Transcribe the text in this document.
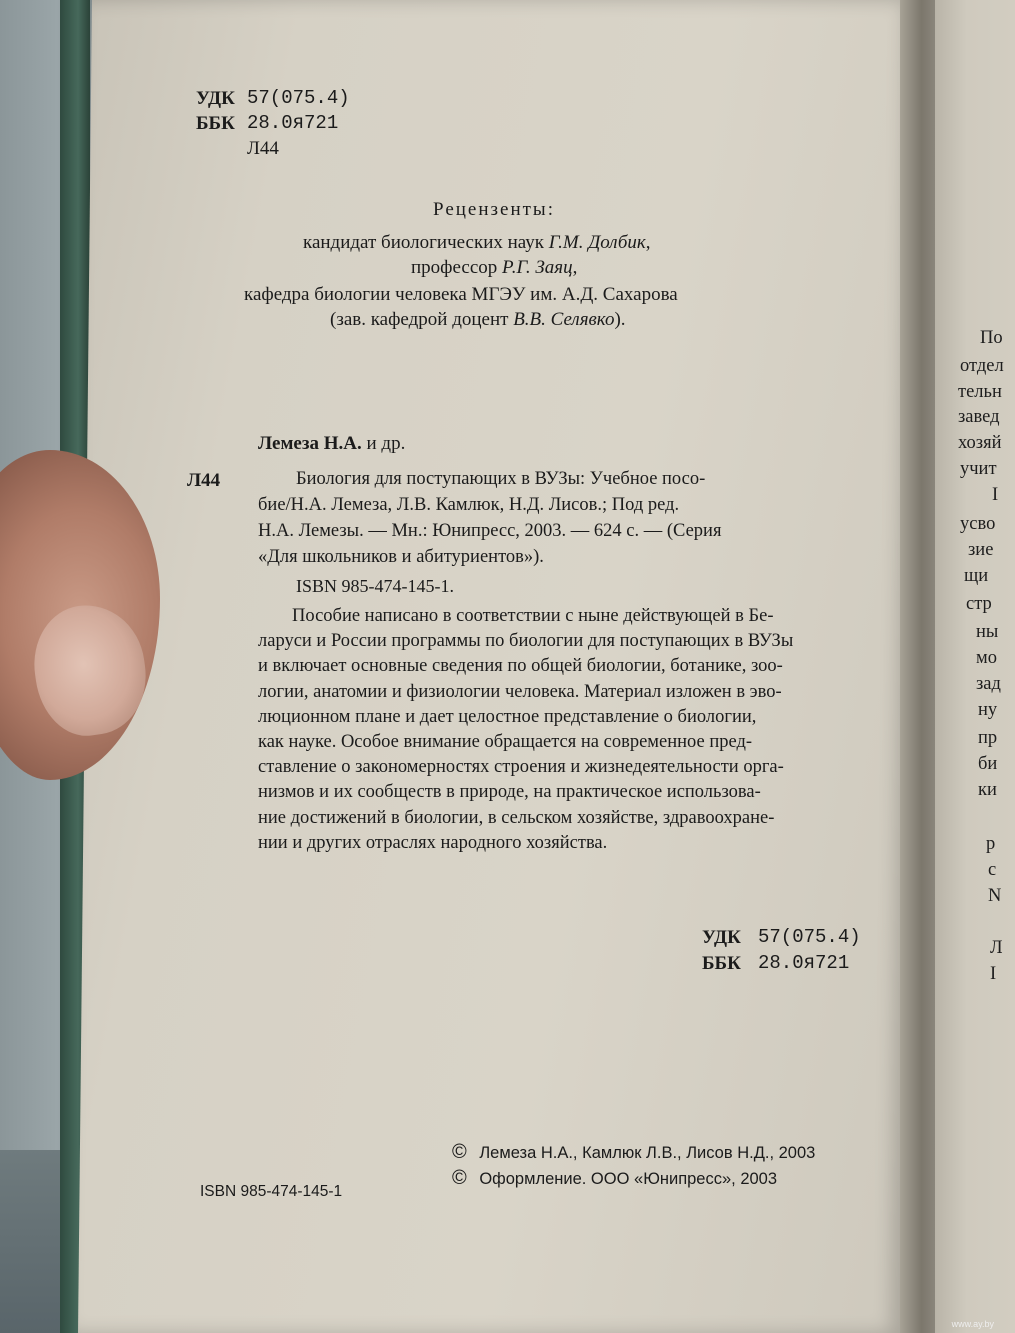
УДК 57(075.4)
ББК 28.0я721
Л44
Рецензенты:
кандидат биологических наук Г.М. Долбик,
профессор Р.Г. Заяц,
кафедра биологии человека МГЭУ им. А.Д. Сахарова
(зав. кафедрой доцент В.В. Селявко).
Лемеза Н.А. и др.
Л44	Биология для поступающих в ВУЗы: Учебное посо-
бие/Н.А. Лемеза, Л.В. Камлюк, Н.Д. Лисов.; Под ред.
Н.А. Лемезы. — Мн.: Юнипресс, 2003. — 624 с. — (Серия
«Для школьников и абитуриентов»).
ISBN 985-474-145-1.
Пособие написано в соответствии с ныне действующей в Бе-
ларуси и России программы по биологии для поступающих в ВУЗы
и включает основные сведения по общей биологии, ботанике, зоо-
логии, анатомии и физиологии человека. Материал изложен в эво-
люционном плане и дает целостное представление о биологии,
как науке. Особое внимание обращается на современное пред-
ставление о закономерностях строения и жизнедеятельности орга-
низмов и их сообществ в природе, на практическое использова-
ние достижений в биологии, в сельском хозяйстве, здравоохране-
нии и других отраслях народного хозяйства.
УДК 57(075.4)
ББК 28.0я721
© Лемеза Н.А., Камлюк Л.В., Лисов Н.Д., 2003
© Оформление. ООО «Юнипресс», 2003
ISBN 985-474-145-1
По
отдел
тельн
завед
хозяй
учит
I
усво
зие
щи
стр
ны
мо
зад
ну
пр
би
ки
р
с
N
Л
I
www.ay.by
